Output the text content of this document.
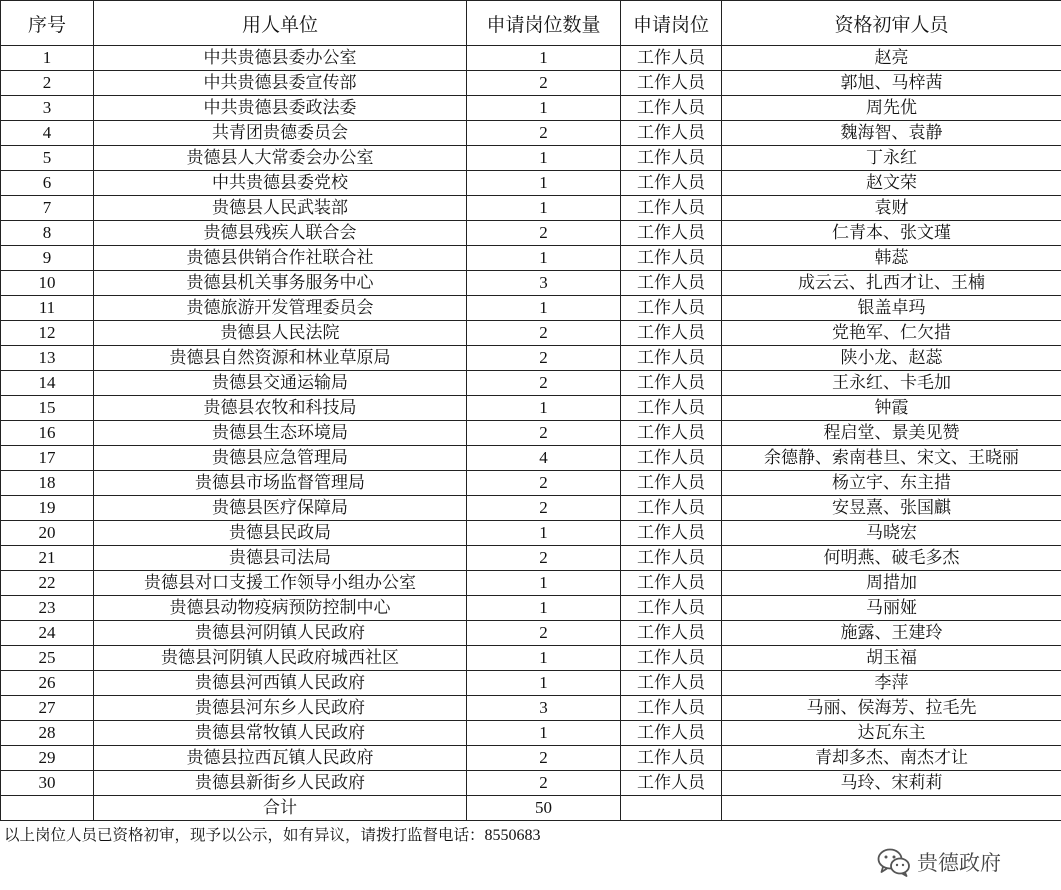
序号	用人单位	申请岗位数量	申请岗位	资格初审人员
1	中共贵德县委办公室	1	工作人员	赵亮
2	中共贵德县委宣传部	2	工作人员	郭旭、马梓茜
3	中共贵德县委政法委	1	工作人员	周先优
4	共青团贵德委员会	2	工作人员	魏海智、袁静
5	贵德县人大常委会办公室	1	工作人员	丁永红
6	中共贵德县委党校	1	工作人员	赵文荣
7	贵德县人民武装部	1	工作人员	袁财
8	贵德县残疾人联合会	2	工作人员	仁青本、张文瑾
9	贵德县供销合作社联合社	1	工作人员	韩蕊
10	贵德县机关事务服务中心	3	工作人员	成云云、扎西才让、王楠
11	贵德旅游开发管理委员会	1	工作人员	银盖卓玛
12	贵德县人民法院	2	工作人员	党艳军、仁欠措
13	贵德县自然资源和林业草原局	2	工作人员	陕小龙、赵蕊
14	贵德县交通运输局	2	工作人员	王永红、卡毛加
15	贵德县农牧和科技局	1	工作人员	钟霞
16	贵德县生态环境局	2	工作人员	程启堂、景美见赞
17	贵德县应急管理局	4	工作人员	余德静、索南巷旦、宋文、王晓丽
18	贵德县市场监督管理局	2	工作人员	杨立宇、东主措
19	贵德县医疗保障局	2	工作人员	安昱熹、张国麒
20	贵德县民政局	1	工作人员	马晓宏
21	贵德县司法局	2	工作人员	何明燕、破毛多杰
22	贵德县对口支援工作领导小组办公室	1	工作人员	周措加
23	贵德县动物疫病预防控制中心	1	工作人员	马丽娅
24	贵德县河阴镇人民政府	2	工作人员	施露、王建玲
25	贵德县河阴镇人民政府城西社区	1	工作人员	胡玉福
26	贵德县河西镇人民政府	1	工作人员	李萍
27	贵德县河东乡人民政府	3	工作人员	马丽、侯海芳、拉毛先
28	贵德县常牧镇人民政府	1	工作人员	达瓦东主
29	贵德县拉西瓦镇人民政府	2	工作人员	青却多杰、南杰才让
30	贵德县新街乡人民政府	2	工作人员	马玲、宋莉莉
	合计	50		
以上岗位人员已资格初审，现予以公示，如有异议，请拨打监督电话：8550683
贵德政府
